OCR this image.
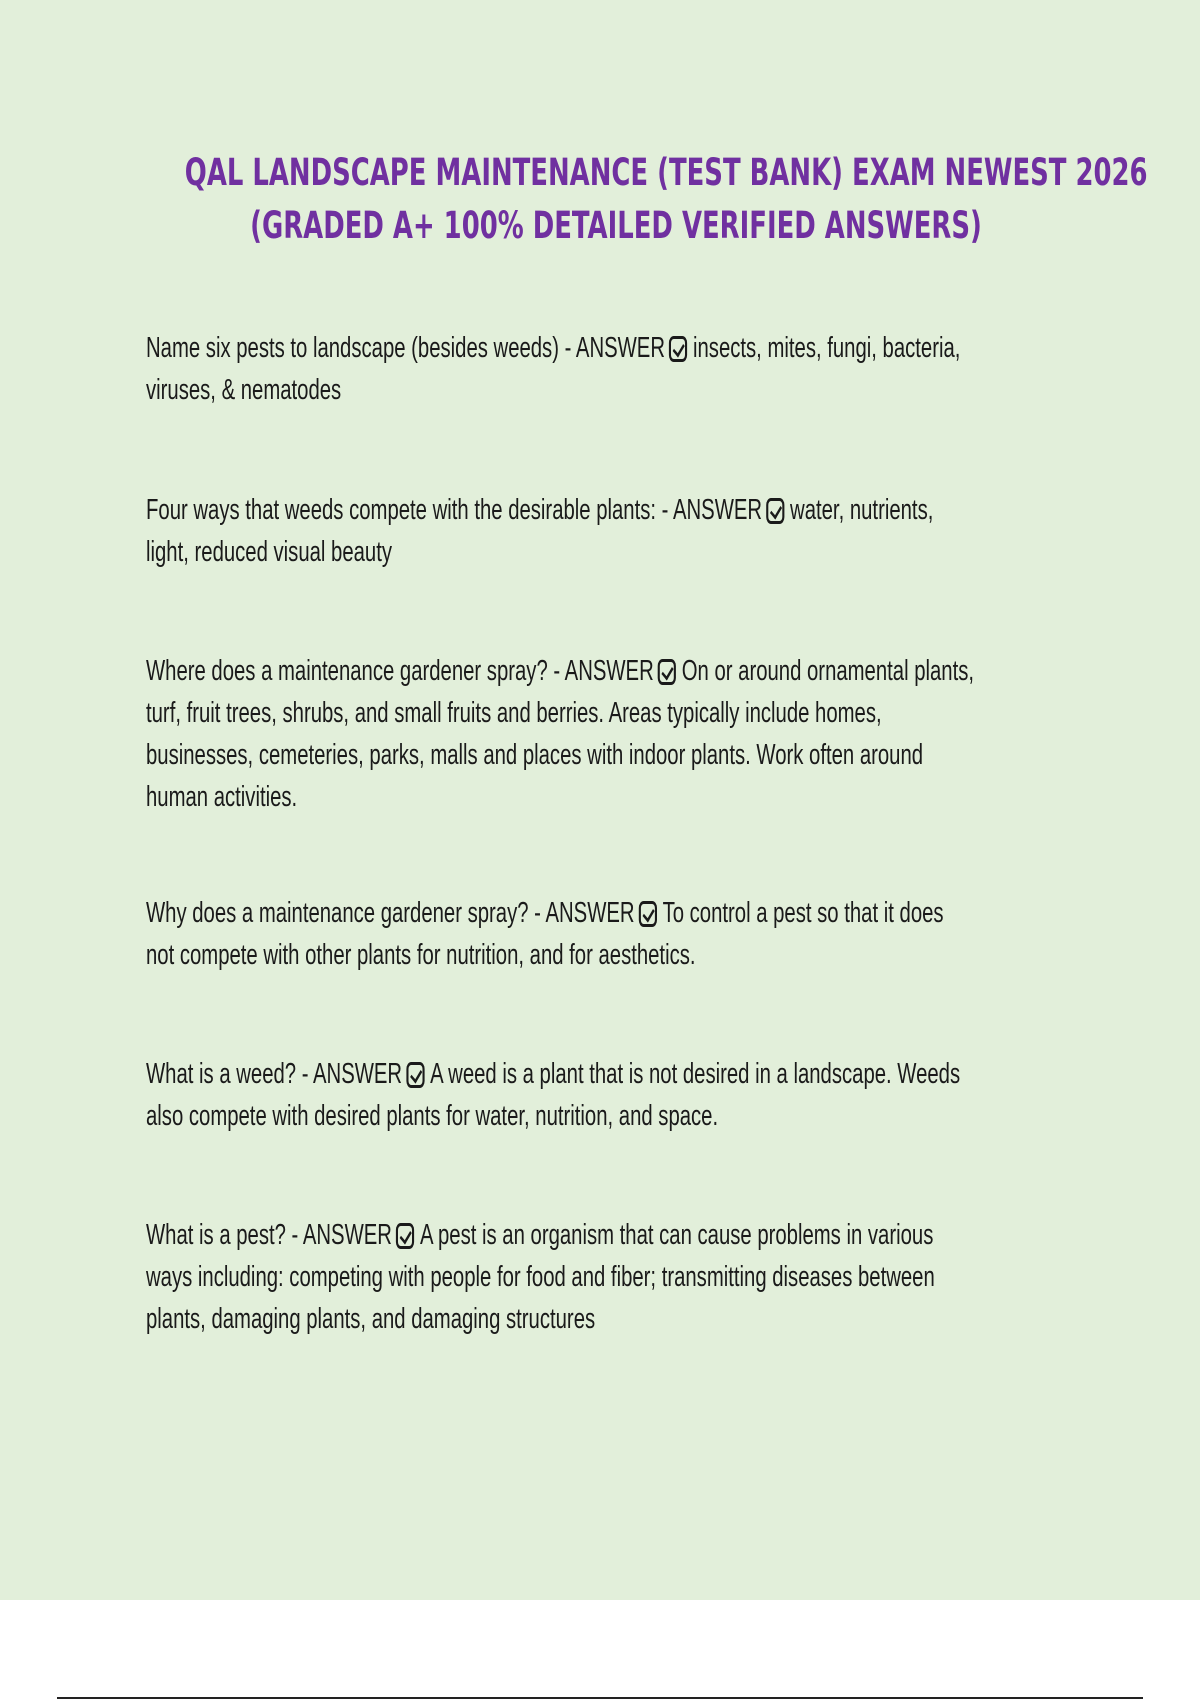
QAL LANDSCAPE MAINTENANCE (TEST BANK) EXAM NEWEST 2026
(GRADED A+ 100% DETAILED VERIFIED ANSWERS)
Name six pests to landscape (besides weeds) - ANSWER insects, mites, fungi, bacteria,
viruses, & nematodes
Four ways that weeds compete with the desirable plants: - ANSWER water, nutrients,
light, reduced visual beauty
Where does a maintenance gardener spray? - ANSWER On or around ornamental plants,
turf, fruit trees, shrubs, and small fruits and berries. Areas typically include homes,
businesses, cemeteries, parks, malls and places with indoor plants. Work often around
human activities.
Why does a maintenance gardener spray? - ANSWER To control a pest so that it does
not compete with other plants for nutrition, and for aesthetics.
What is a weed? - ANSWER A weed is a plant that is not desired in a landscape. Weeds
also compete with desired plants for water, nutrition, and space.
What is a pest? - ANSWER A pest is an organism that can cause problems in various
ways including: competing with people for food and fiber; transmitting diseases between
plants, damaging plants, and damaging structures
